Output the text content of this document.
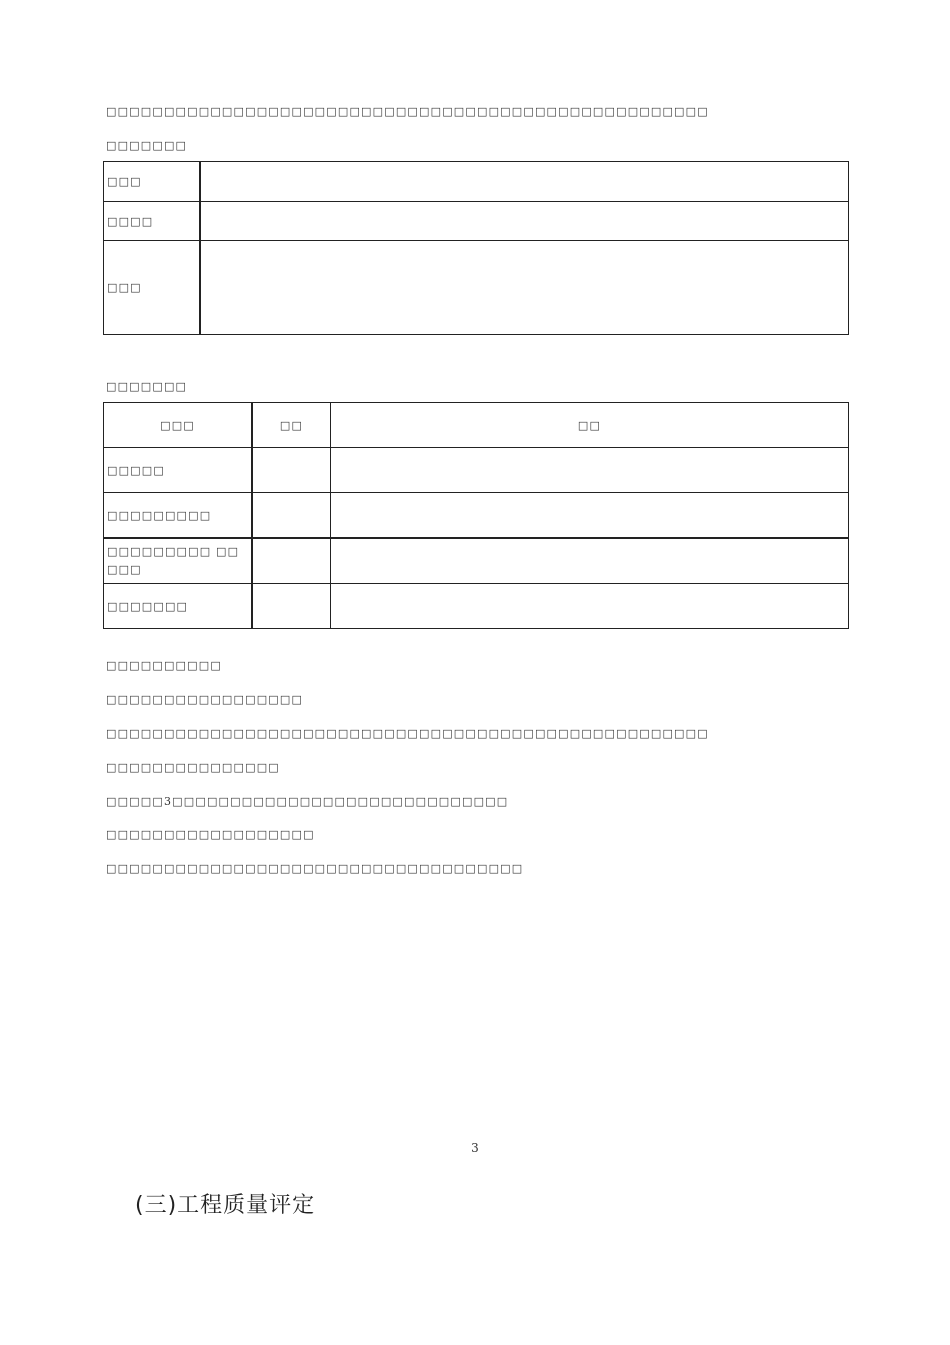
□□□□□□□□□□□□□□□□□□□□□□□□□□□□□□□□□□□□□□□□□□□□□□□□□□□□
□□□□□□□
□□□	
□□□□	
□□□	
□□□□□□□
□□□	□□	□□
□□□□□		
□□□□□□□□□		
□□□□□□□□□ □□□□□		
□□□□□□□		
□□□□□□□□□□
□□□□□□□□□□□□□□□□□
□□□□□□□□□□□□□□□□□□□□□□□□□□□□□□□□□□□□□□□□□□□□□□□□□□□□
□□□□□□□□□□□□□□□
□□□□□3□□□□□□□□□□□□□□□□□□□□□□□□□□□□□
□□□□□□□□□□□□□□□□□□
□□□□□□□□□□□□□□□□□□□□□□□□□□□□□□□□□□□□
3
(三)工程质量评定
